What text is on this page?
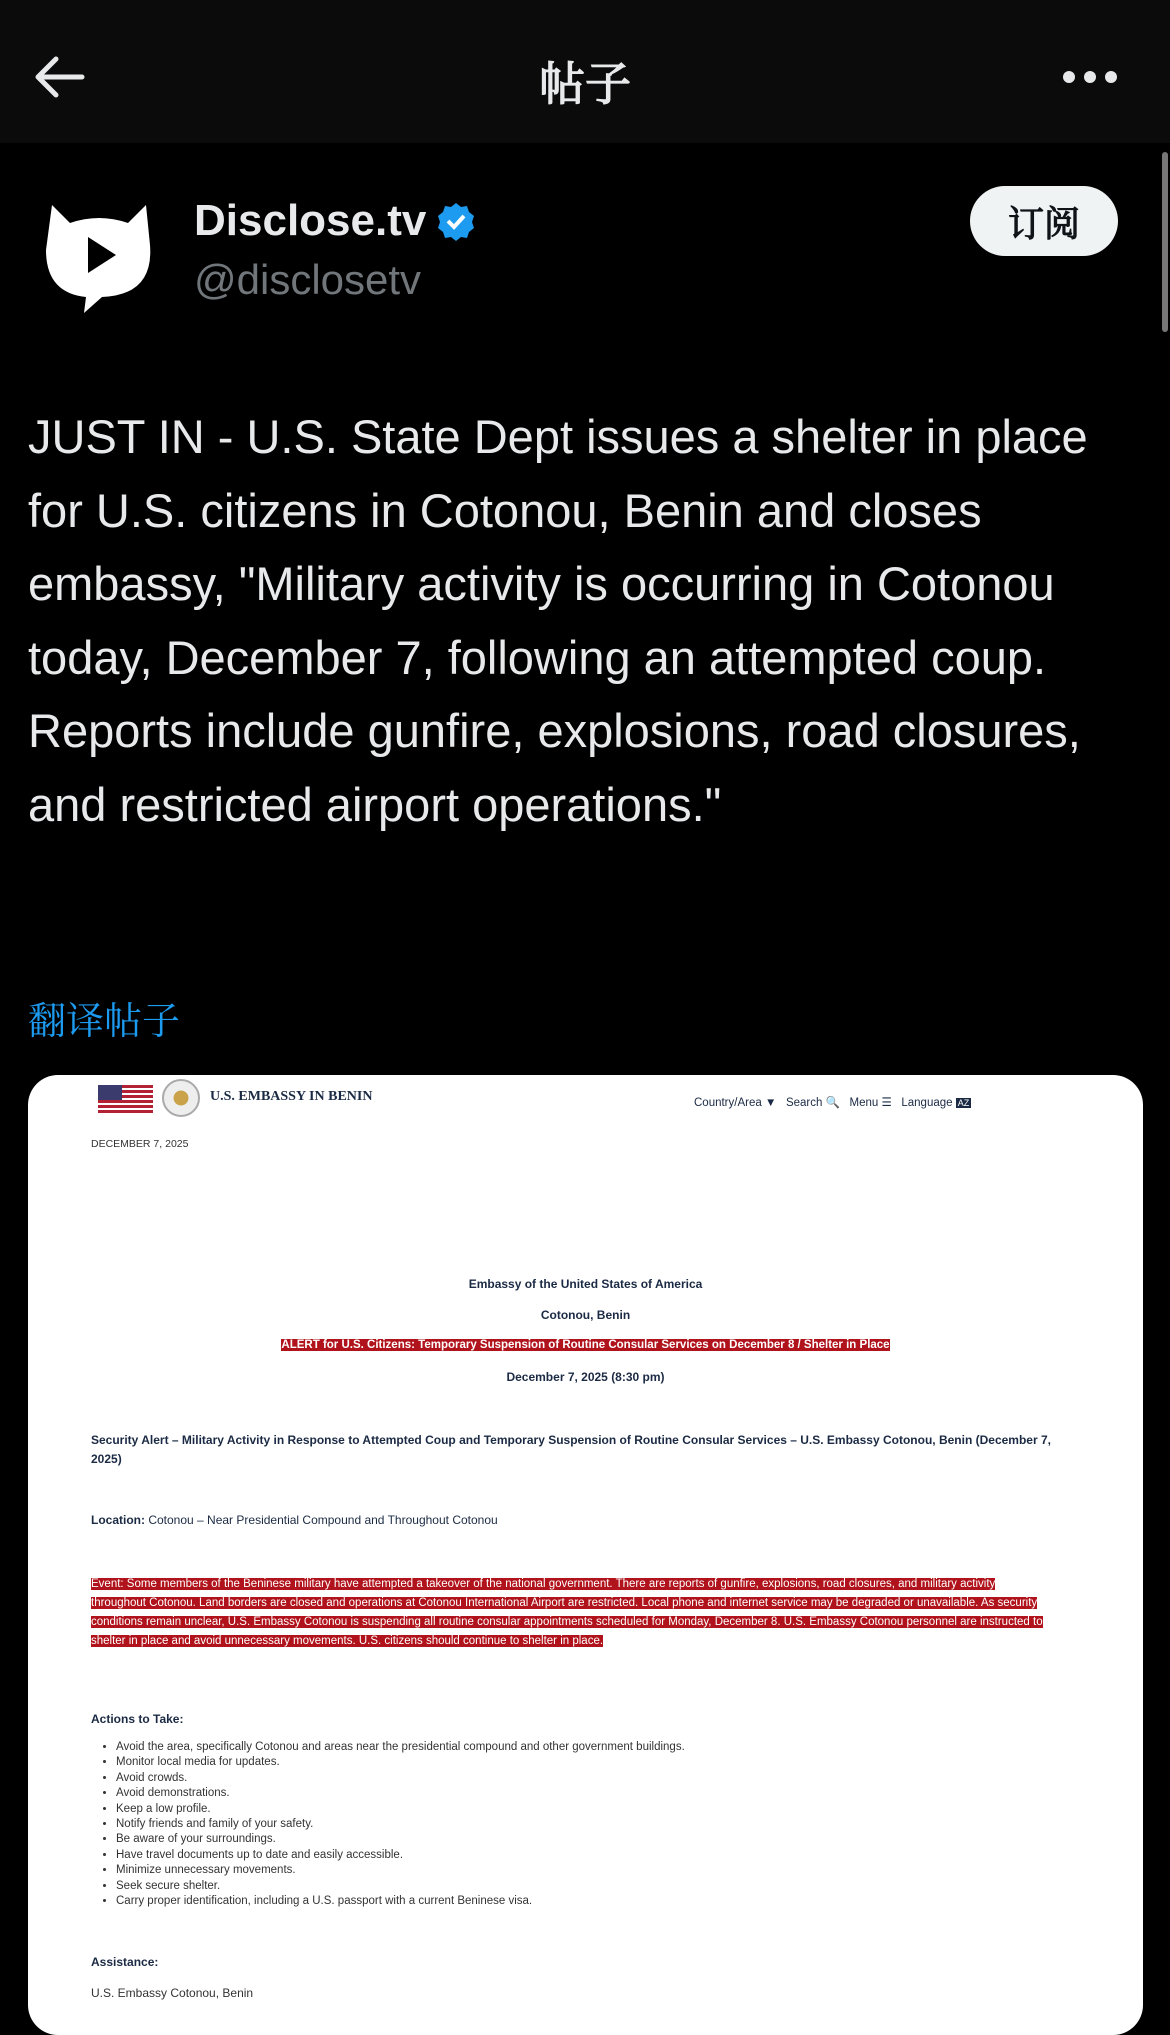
帖子
Disclose.tv
@disclosetv
订阅
JUST IN - U.S. State Dept issues a shelter in place for U.S. citizens in Cotonou, Benin and closes embassy, "Military activity is occurring in Cotonou today, December 7, following an attempted coup. Reports include gunfire, explosions, road closures, and restricted airport operations."
翻译帖子
U.S. EMBASSY IN BENIN	Country/Area ▼ Search 🔍 Menu ☰ Language AZ
DECEMBER 7, 2025
Embassy of the United States of America
Cotonou, Benin
ALERT for U.S. Citizens: Temporary Suspension of Routine Consular Services on December 8 / Shelter in Place
December 7, 2025 (8:30 pm)
Security Alert – Military Activity in Response to Attempted Coup and Temporary Suspension of Routine Consular Services – U.S. Embassy Cotonou, Benin (December 7, 2025)
Location: Cotonou – Near Presidential Compound and Throughout Cotonou
Event: Some members of the Beninese military have attempted a takeover of the national government. There are reports of gunfire, explosions, road closures, and military activity throughout Cotonou. Land borders are closed and operations at Cotonou International Airport are restricted. Local phone and internet service may be degraded or unavailable. As security conditions remain unclear, U.S. Embassy Cotonou is suspending all routine consular appointments scheduled for Monday, December 8. U.S. Embassy Cotonou personnel are instructed to shelter in place and avoid unnecessary movements. U.S. citizens should continue to shelter in place.
Actions to Take:
• Avoid the area, specifically Cotonou and areas near the presidential compound and other government buildings.
• Monitor local media for updates.
• Avoid crowds.
• Avoid demonstrations.
• Keep a low profile.
• Notify friends and family of your safety.
• Be aware of your surroundings.
• Have travel documents up to date and easily accessible.
• Minimize unnecessary movements.
• Seek secure shelter.
• Carry proper identification, including a U.S. passport with a current Beninese visa.
Assistance:
U.S. Embassy Cotonou, Benin
